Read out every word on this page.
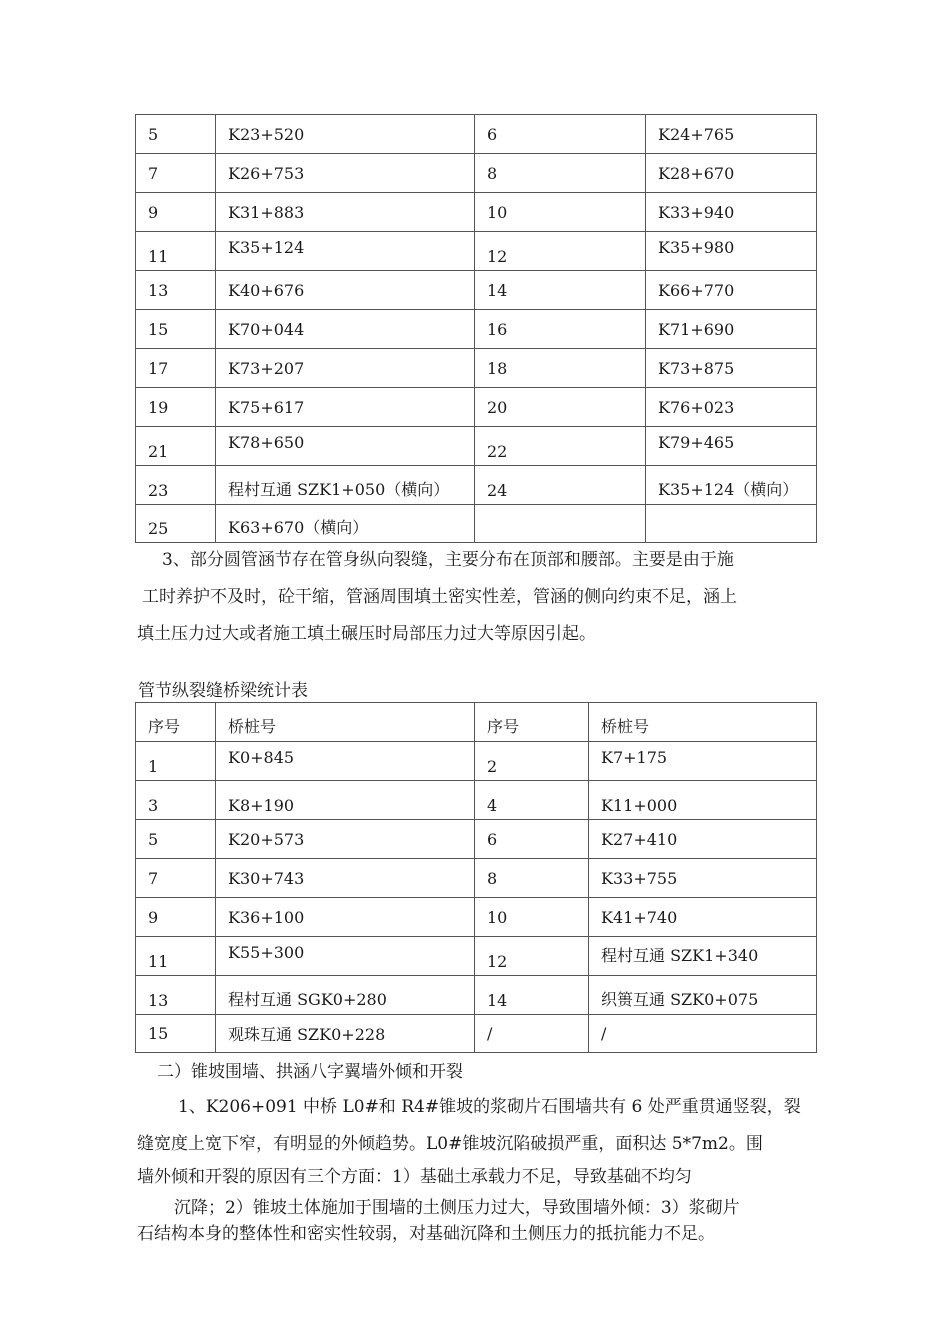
5	K23+520	6	K24+765
7	K26+753	8	K28+670
9	K31+883	10	K33+940
11	K35+124	12	K35+980
13	K40+676	14	K66+770
15	K70+044	16	K71+690
17	K73+207	18	K73+875
19	K75+617	20	K76+023
21	K78+650	22	K79+465
23	程村互通 SZK1+050（横向）	24	K35+124（横向）
25	K63+670（横向）		
3、部分圆管涵节存在管身纵向裂缝，主要分布在顶部和腰部。主要是由于施
工时养护不及时，砼干缩，管涵周围填土密实性差，管涵的侧向约束不足，涵上
填土压力过大或者施工填土碾压时局部压力过大等原因引起。
管节纵裂缝桥梁统计表
序号	桥桩号	序号	桥桩号
1	K0+845	2	K7+175
3	K8+190	4	K11+000
5	K20+573	6	K27+410
7	K30+743	8	K33+755
9	K36+100	10	K41+740
11	K55+300	12	程村互通 SZK1+340
13	程村互通 SGK0+280	14	织篑互通 SZK0+075
15	观珠互通 SZK0+228	/	/
二）锥坡围墙、拱涵八字翼墙外倾和开裂
1、K206+091 中桥 L0#和 R4#锥坡的浆砌片石围墙共有 6 处严重贯通竖裂，裂
缝宽度上宽下窄，有明显的外倾趋势。L0#锥坡沉陷破损严重，面积达 5*7m2。围
墙外倾和开裂的原因有三个方面：1）基础土承载力不足，导致基础不均匀
沉降；2）锥坡土体施加于围墙的土侧压力过大，导致围墙外倾：3）浆砌片
石结构本身的整体性和密实性较弱，对基础沉降和土侧压力的抵抗能力不足。
